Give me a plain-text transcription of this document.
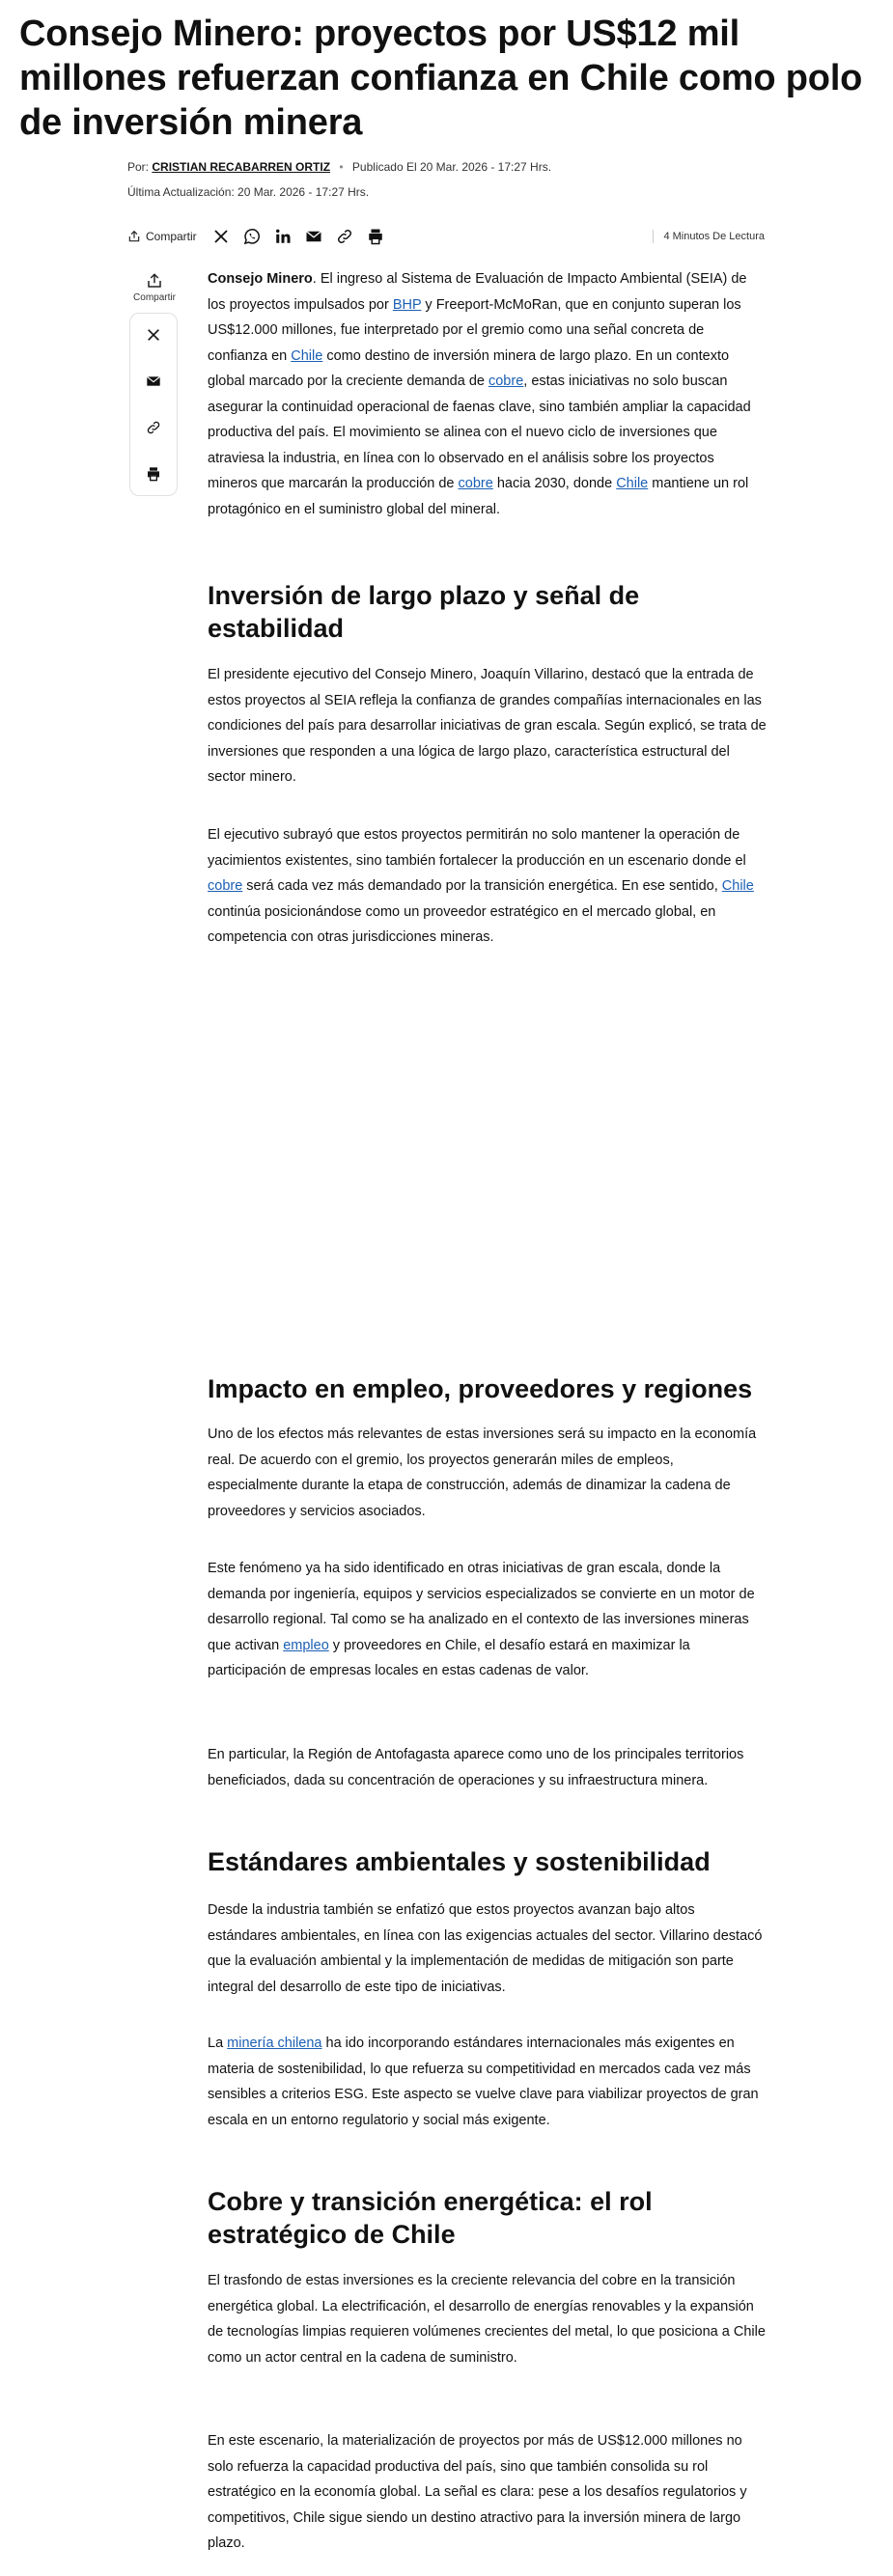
Consejo Minero: proyectos por US$12 mil millones refuerzan confianza en Chile como polo de inversión minera
Por: CRISTIAN RECABARREN ORTIZ • Publicado El 20 Mar. 2026 - 17:27 Hrs.
Última Actualización: 20 Mar. 2026 - 17:27 Hrs.
Compartir	4 Minutos De Lectura
Compartir

Consejo Minero. El ingreso al Sistema de Evaluación de Impacto Ambiental (SEIA) de los proyectos impulsados por BHP y Freeport-McMoRan, que en conjunto superan los US$12.000 millones, fue interpretado por el gremio como una señal concreta de confianza en Chile como destino de inversión minera de largo plazo. En un contexto global marcado por la creciente demanda de cobre, estas iniciativas no solo buscan asegurar la continuidad operacional de faenas clave, sino también ampliar la capacidad productiva del país. El movimiento se alinea con el nuevo ciclo de inversiones que atraviesa la industria, en línea con lo observado en el análisis sobre los proyectos mineros que marcarán la producción de cobre hacia 2030, donde Chile mantiene un rol protagónico en el suministro global del mineral.

Inversión de largo plazo y señal de estabilidad

El presidente ejecutivo del Consejo Minero, Joaquín Villarino, destacó que la entrada de estos proyectos al SEIA refleja la confianza de grandes compañías internacionales en las condiciones del país para desarrollar iniciativas de gran escala. Según explicó, se trata de inversiones que responden a una lógica de largo plazo, característica estructural del sector minero.

El ejecutivo subrayó que estos proyectos permitirán no solo mantener la operación de yacimientos existentes, sino también fortalecer la producción en un escenario donde el cobre será cada vez más demandado por la transición energética. En ese sentido, Chile continúa posicionándose como un proveedor estratégico en el mercado global, en competencia con otras jurisdicciones mineras.

Impacto en empleo, proveedores y regiones

Uno de los efectos más relevantes de estas inversiones será su impacto en la economía real. De acuerdo con el gremio, los proyectos generarán miles de empleos, especialmente durante la etapa de construcción, además de dinamizar la cadena de proveedores y servicios asociados.

Este fenómeno ya ha sido identificado en otras iniciativas de gran escala, donde la demanda por ingeniería, equipos y servicios especializados se convierte en un motor de desarrollo regional. Tal como se ha analizado en el contexto de las inversiones mineras que activan empleo y proveedores en Chile, el desafío estará en maximizar la participación de empresas locales en estas cadenas de valor.

En particular, la Región de Antofagasta aparece como uno de los principales territorios beneficiados, dada su concentración de operaciones y su infraestructura minera.

Estándares ambientales y sostenibilidad

Desde la industria también se enfatizó que estos proyectos avanzan bajo altos estándares ambientales, en línea con las exigencias actuales del sector. Villarino destacó que la evaluación ambiental y la implementación de medidas de mitigación son parte integral del desarrollo de este tipo de iniciativas.

La minería chilena ha ido incorporando estándares internacionales más exigentes en materia de sostenibilidad, lo que refuerza su competitividad en mercados cada vez más sensibles a criterios ESG. Este aspecto se vuelve clave para viabilizar proyectos de gran escala en un entorno regulatorio y social más exigente.

Cobre y transición energética: el rol estratégico de Chile

El trasfondo de estas inversiones es la creciente relevancia del cobre en la transición energética global. La electrificación, el desarrollo de energías renovables y la expansión de tecnologías limpias requieren volúmenes crecientes del metal, lo que posiciona a Chile como un actor central en la cadena de suministro.

En este escenario, la materialización de proyectos por más de US$12.000 millones no solo refuerza la capacidad productiva del país, sino que también consolida su rol estratégico en la economía global. La señal es clara: pese a los desafíos regulatorios y competitivos, Chile sigue siendo un destino atractivo para la inversión minera de largo plazo.
